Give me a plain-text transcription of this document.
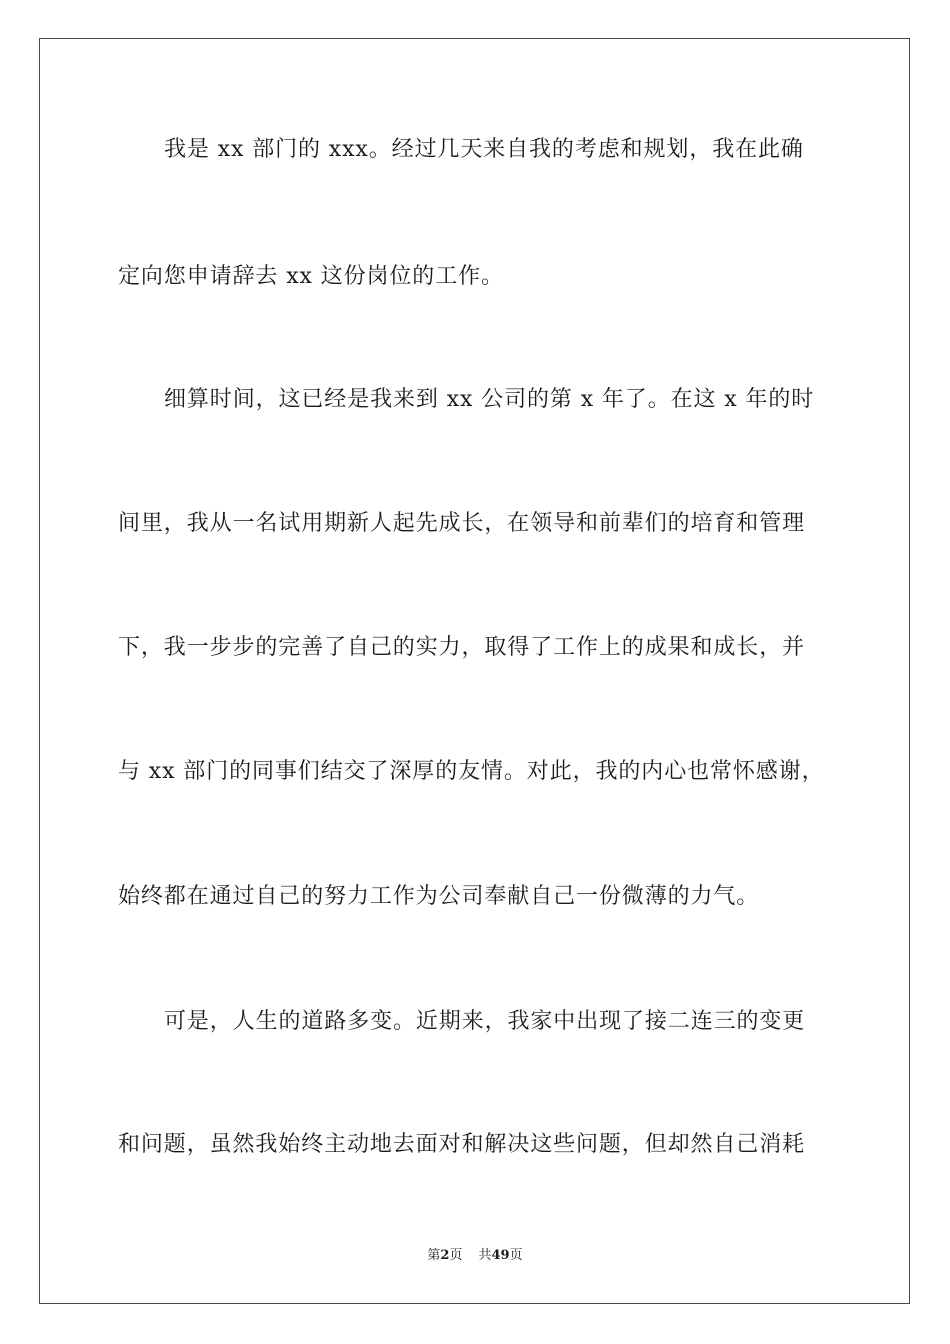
我是 xx 部门的 xxx。经过几天来自我的考虑和规划，我在此确
定向您申请辞去 xx 这份岗位的工作。
细算时间，这已经是我来到 xx 公司的第 x 年了。在这 x 年的时
间里，我从一名试用期新人起先成长，在领导和前辈们的培育和管理
下，我一步步的完善了自己的实力，取得了工作上的成果和成长，并
与 xx 部门的同事们结交了深厚的友情。对此，我的内心也常怀感谢，
始终都在通过自己的努力工作为公司奉献自己一份微薄的力气。
可是，人生的道路多变。近期来，我家中出现了接二连三的变更
和问题，虽然我始终主动地去面对和解决这些问题，但却然自己消耗
第2页 共49页
